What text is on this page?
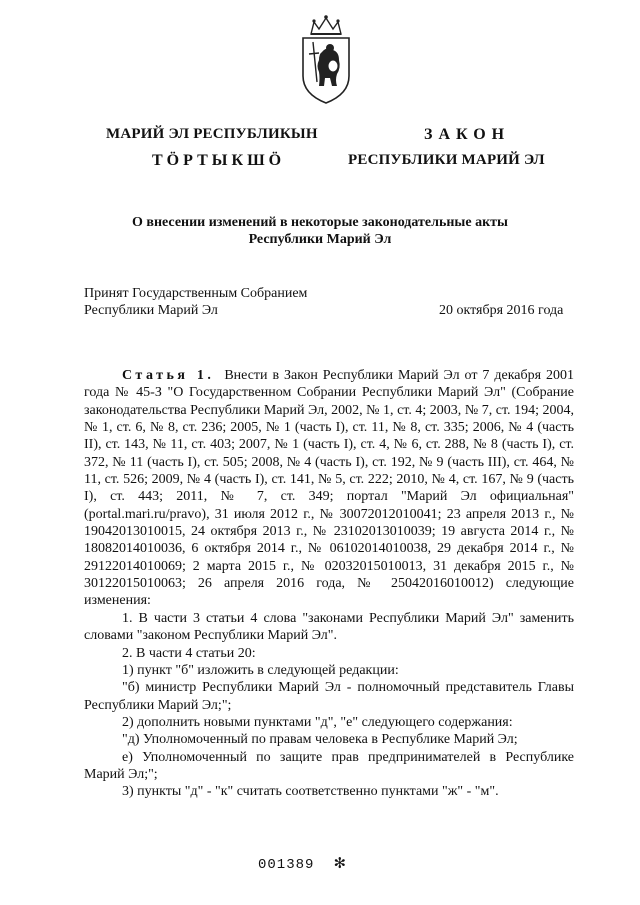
МАРИЙ ЭЛ РЕСПУБЛИКЫН
ТӦРТЫКШӦ
ЗАКОН
РЕСПУБЛИКИ МАРИЙ ЭЛ
О внесении изменений в некоторые законодательные акты
Республики Марий Эл
Принят Государственным Собранием
Республики Марий Эл	20 октября 2016 года

Статья 1. Внести в Закон Республики Марий Эл от 7 декабря 2001 года № 45-З "О Государственном Собрании Республики Марий Эл" (Собрание законодательства Республики Марий Эл, 2002, № 1, ст. 4; 2003, № 7, ст. 194; 2004, № 1, ст. 6, № 8, ст. 236; 2005, № 1 (часть I), ст. 11, № 8, ст. 335; 2006, № 4 (часть II), ст. 143, № 11, ст. 403; 2007, № 1 (часть I), ст. 4, № 6, ст. 288, № 8 (часть I), ст. 372, № 11 (часть I), ст. 505; 2008, № 4 (часть I), ст. 192, № 9 (часть III), ст. 464, № 11, ст. 526; 2009, № 4 (часть I), ст. 141, № 5, ст. 222; 2010, № 4, ст. 167, № 9 (часть I), ст. 443; 2011, № 7, ст. 349; портал "Марий Эл официальная" (portal.mari.ru/pravo), 31 июля 2012 г., № 30072012010041; 23 апреля 2013 г., № 19042013010015, 24 октября 2013 г., № 23102013010039; 19 августа 2014 г., № 18082014010036, 6 октября 2014 г., № 06102014010038, 29 декабря 2014 г., № 29122014010069; 2 марта 2015 г., № 02032015010013, 31 декабря 2015 г., № 30122015010063; 26 апреля 2016 года, № 25042016010012) следующие изменения:

1. В части 3 статьи 4 слова "законами Республики Марий Эл" заменить словами "законом Республики Марий Эл".

2. В части 4 статьи 20:

1) пункт "б" изложить в следующей редакции:

"б) министр Республики Марий Эл - полномочный представитель Главы Республики Марий Эл;";

2) дополнить новыми пунктами "д", "е" следующего содержания:

"д) Уполномоченный по правам человека в Республике Марий Эл;

е) Уполномоченный по защите прав предпринимателей в Республике Марий Эл;";

3) пункты "д" - "к" считать соответственно пунктами "ж" - "м".

001389 ✻
